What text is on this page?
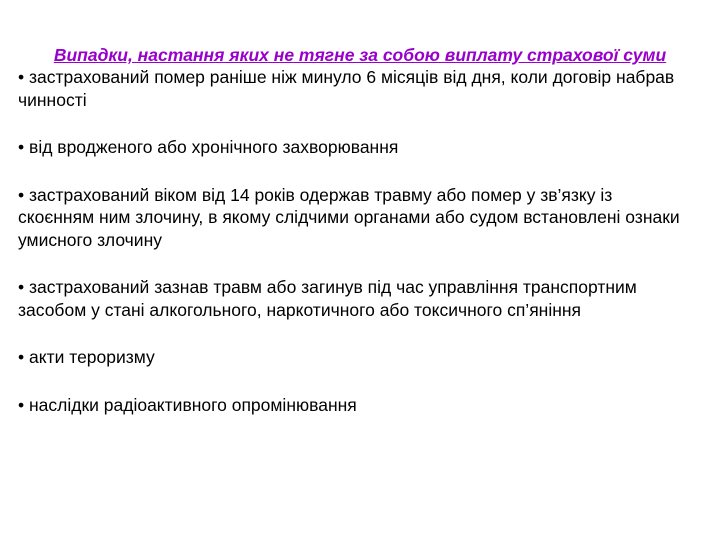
Випадки, настання яких не тягне за собою виплату страхової суми
• застрахований помер раніше ніж минуло 6 місяців від дня, коли договір набрав чинності
• від вродженого або хронічного захворювання
• застрахований віком від 14 років одержав травму або помер у зв’язку із скоєнням ним злочину, в якому слідчими органами або судом встановлені ознаки умисного злочину
• застрахований зазнав травм або загинув під час управління транспортним засобом у стані алкогольного, наркотичного або токсичного сп’яніння
• акти тероризму
• наслідки радіоактивного опромінювання
